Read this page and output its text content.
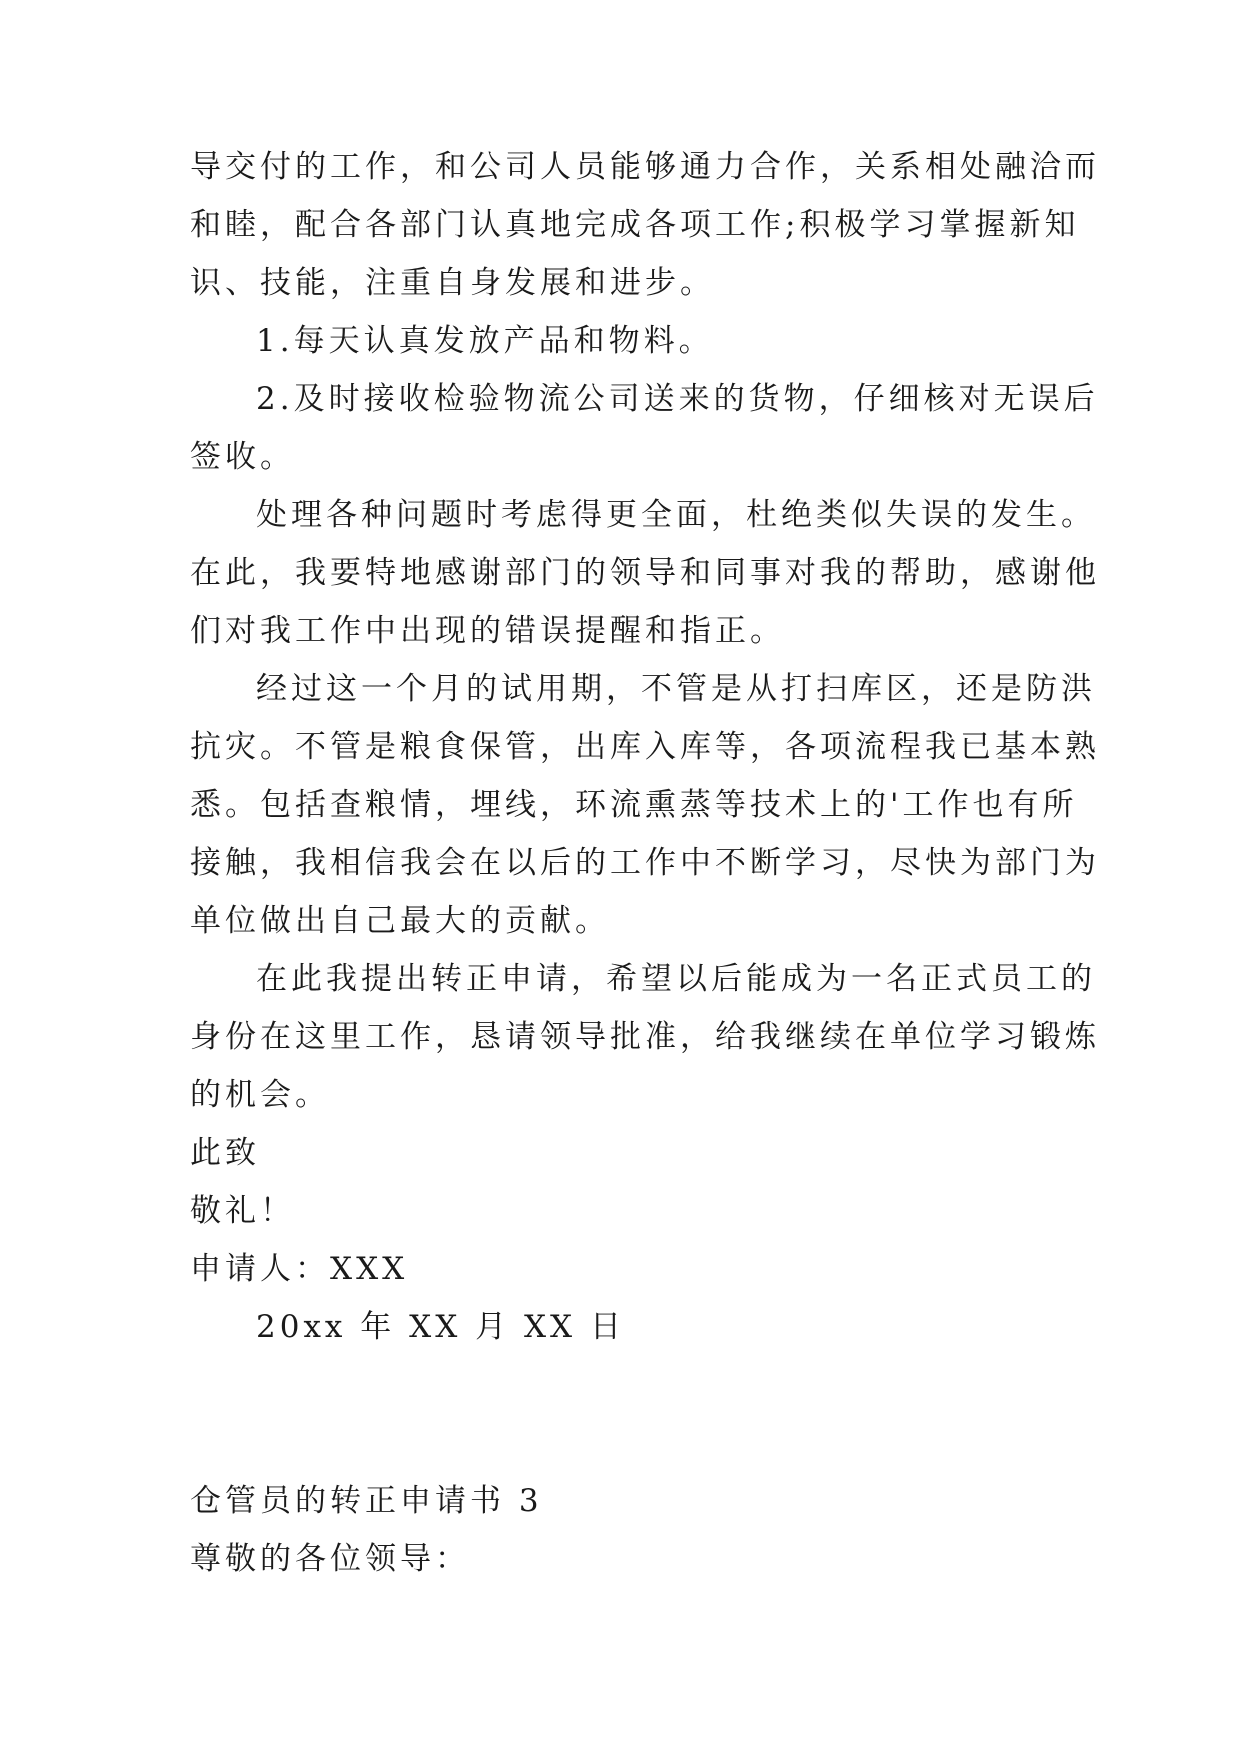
导交付的工作，和公司人员能够通力合作，关系相处融洽而
和睦，配合各部门认真地完成各项工作;积极学习掌握新知
识、技能，注重自身发展和进步。
1.每天认真发放产品和物料。
2.及时接收检验物流公司送来的货物，仔细核对无误后
签收。
处理各种问题时考虑得更全面，杜绝类似失误的发生。
在此，我要特地感谢部门的领导和同事对我的帮助，感谢他
们对我工作中出现的错误提醒和指正。
经过这一个月的试用期，不管是从打扫库区，还是防洪
抗灾。不管是粮食保管，出库入库等，各项流程我已基本熟
悉。包括查粮情，埋线，环流熏蒸等技术上的'工作也有所
接触，我相信我会在以后的工作中不断学习，尽快为部门为
单位做出自己最大的贡献。
在此我提出转正申请，希望以后能成为一名正式员工的
身份在这里工作，恳请领导批准，给我继续在单位学习锻炼
的机会。
此致
敬礼！
申请人：XXX
20xx 年 XX 月 XX 日
仓管员的转正申请书 3
尊敬的各位领导：
